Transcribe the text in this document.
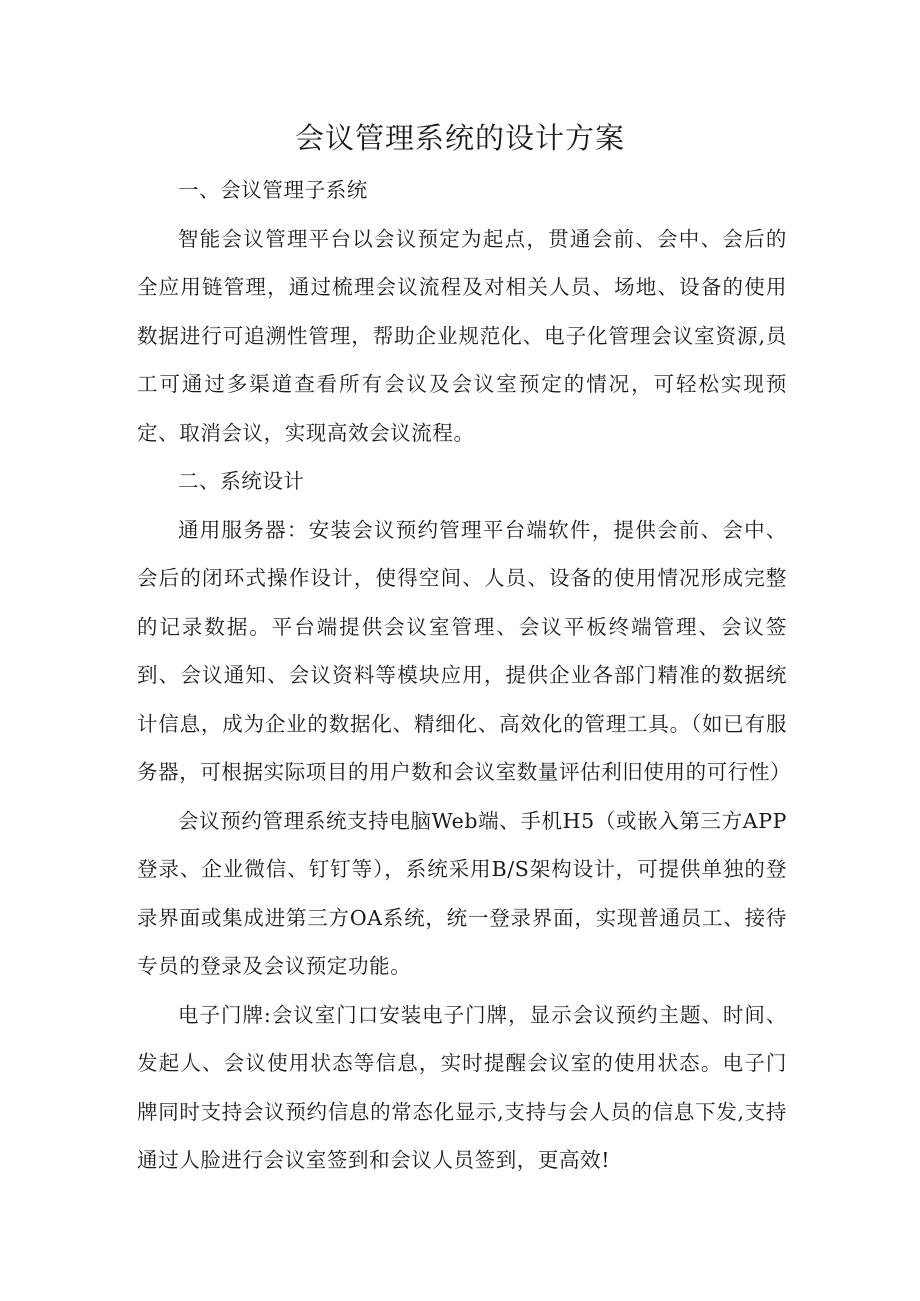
会议管理系统的设计方案

一、会议管理子系统

智能会议管理平台以会议预定为起点，贯通会前、会中、会后的全应用链管理，通过梳理会议流程及对相关人员、场地、设备的使用数据进行可追溯性管理，帮助企业规范化、电子化管理会议室资源,员工可通过多渠道查看所有会议及会议室预定的情况，可轻松实现预定、取消会议，实现高效会议流程。

二、系统设计

通用服务器：安装会议预约管理平台端软件，提供会前、会中、会后的闭环式操作设计，使得空间、人员、设备的使用情况形成完整的记录数据。平台端提供会议室管理、会议平板终端管理、会议签到、会议通知、会议资料等模块应用，提供企业各部门精准的数据统计信息，成为企业的数据化、精细化、高效化的管理工具。（如已有服务器，可根据实际项目的用户数和会议室数量评估利旧使用的可行性）

会议预约管理系统支持电脑Web端、手机H5（或嵌入第三方APP登录、企业微信、钉钉等），系统采用B/S架构设计，可提供单独的登录界面或集成进第三方OA系统，统一登录界面，实现普通员工、接待专员的登录及会议预定功能。

电子门牌:会议室门口安装电子门牌，显示会议预约主题、时间、发起人、会议使用状态等信息，实时提醒会议室的使用状态。电子门牌同时支持会议预约信息的常态化显示,支持与会人员的信息下发,支持通过人脸进行会议室签到和会议人员签到，更高效!
